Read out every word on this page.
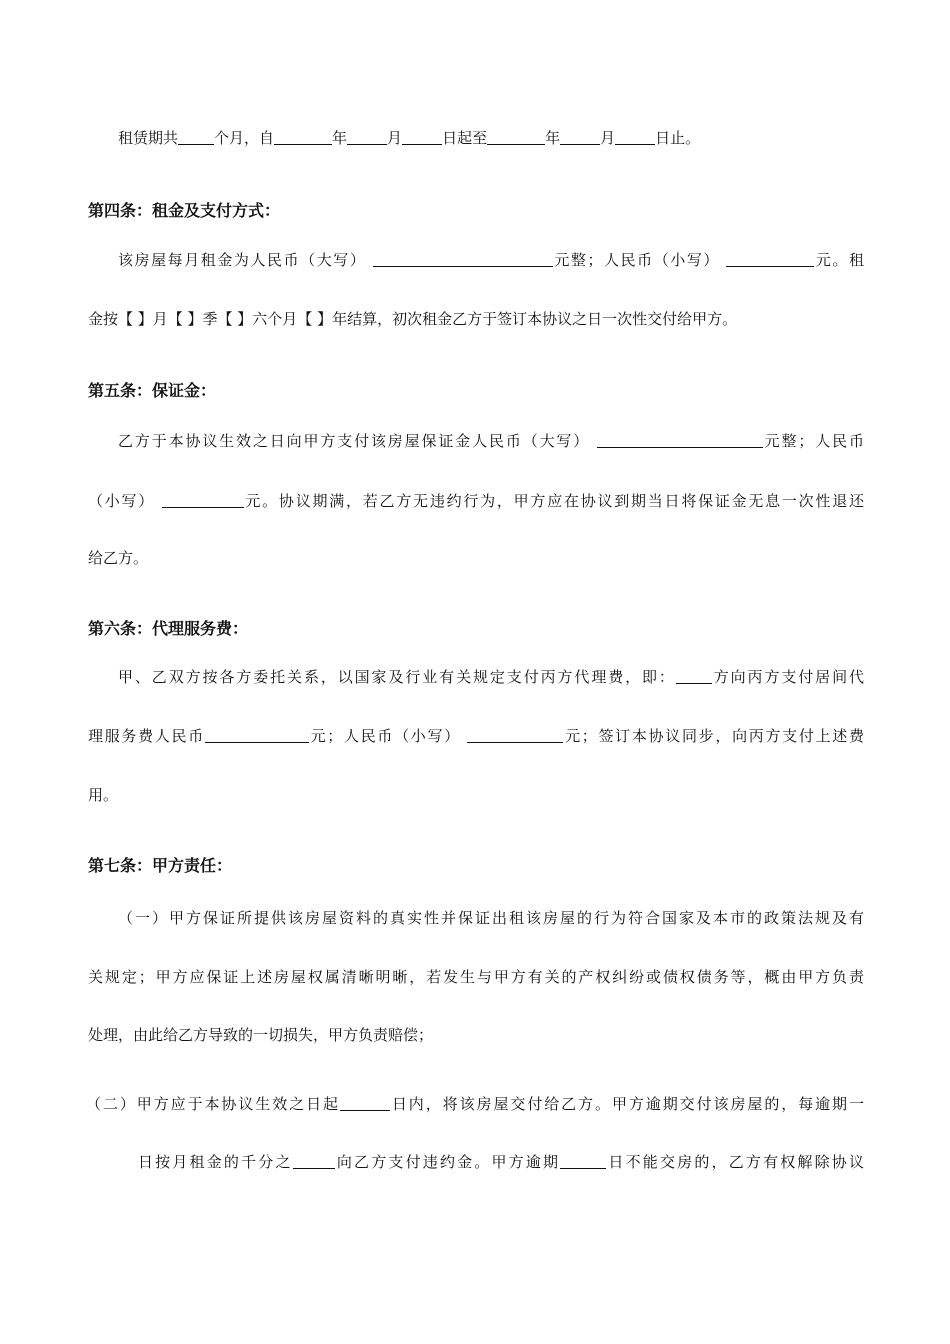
租赁期共 个月，自	年	月	日起至	年	月	日止。
第四条：租金及支付方式：
该房屋每月租金为人民币（大写）	元整；人民币（小写）	元。租
金按【 】月【 】季【 】六个月【 】年结算，初次租金乙方于签订本协议之日一次性交付给甲方。
第五条：保证金：
乙方于本协议生效之日向甲方支付该房屋保证金人民币（大写）	元整；人民币
（小写）	元。协议期满，若乙方无违约行为，甲方应在协议到期当日将保证金无息一次性退还
给乙方。
第六条：代理服务费：
甲、乙双方按各方委托关系，以国家及行业有关规定支付丙方代理费，即： 方向丙方支付居间代
理服务费人民币	元；人民币（小写）	元；签订本协议同步，向丙方支付上述费
用。
第七条：甲方责任：
（一）甲方保证所提供该房屋资料的真实性并保证出租该房屋的行为符合国家及本市的政策法规及有
关规定；甲方应保证上述房屋权属清晰明晰，若发生与甲方有关的产权纠纷或债权债务等，概由甲方负责
处理，由此给乙方导致的一切损失，甲方负责赔偿；
（二）甲方应于本协议生效之日起	日内，将该房屋交付给乙方。甲方逾期交付该房屋的，每逾期一
日按月租金的千分之	向乙方支付违约金。甲方逾期	日不能交房的，乙方有权解除协议
